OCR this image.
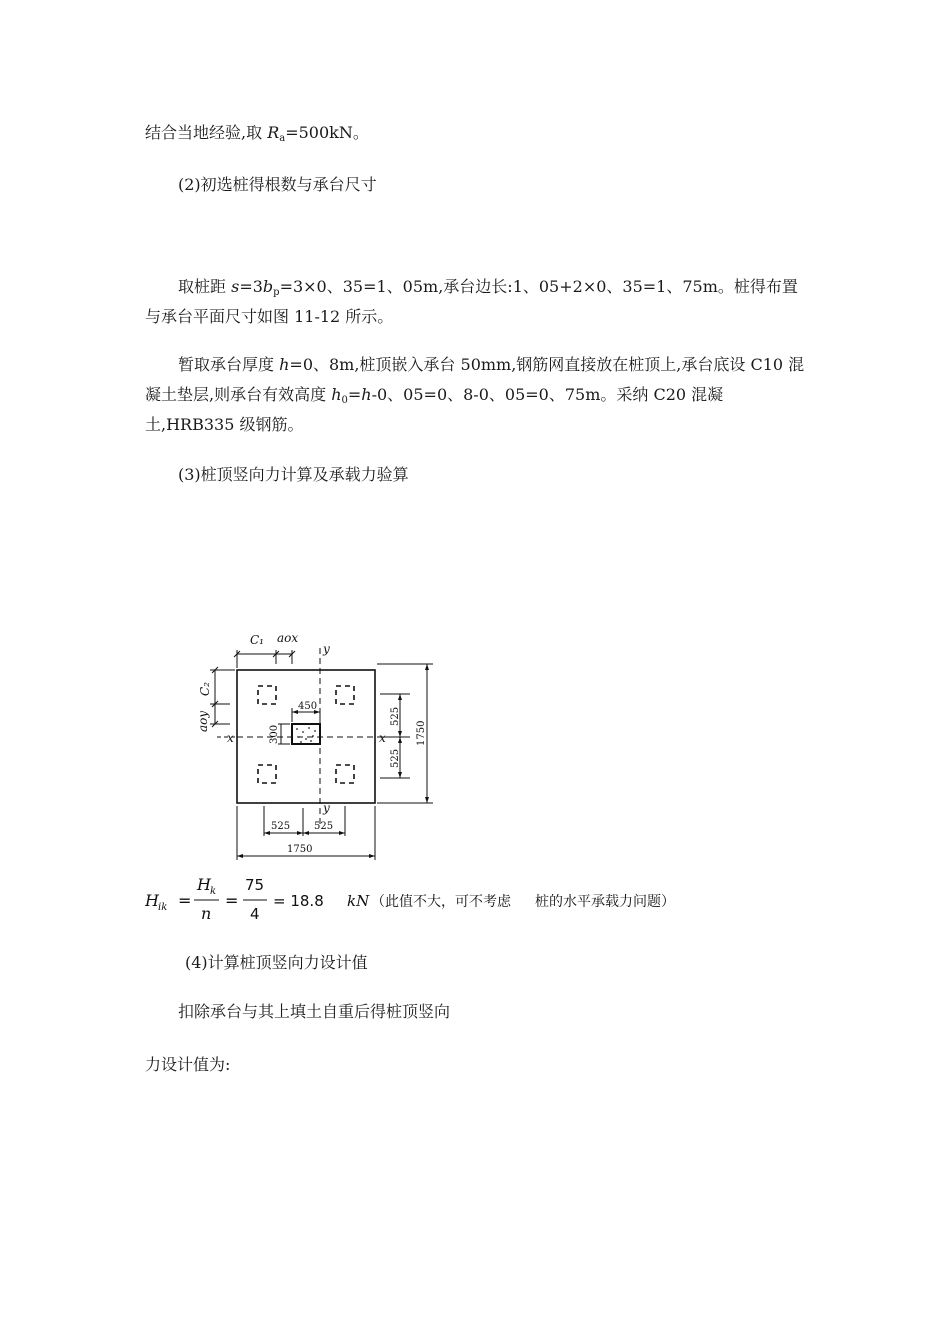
结合当地经验,取 $R_a=500kN$。

(2)初选桩得根数与承台尺寸

取桩距 $s=3b_p=3\times 0$、35=1、05m,承台边长:1、05+2×0、35=1、75m。桩得布置与承台平面尺寸如图 11-12 所示。

暂取承台厚度 h=0、8m,桩顶嵌入承台 50mm,钢筋网直接放在桩顶上,承台底设 C10 混凝土垫层,则承台有效高度 $h_0=h-0$、05=0、8-0、05=0、75m。采纳 C20 混凝土,HRB335 级钢筋。

(3)桩顶竖向力计算及承载力验算

C₁ aox
y
y
x	x
C₂
aoy
450
300
525
525
1750
525 525
1750
H ik =
H k
n
=
75
4
= 18.8 kN （此值不大，可不考虑 桩的水平承载力问题）

(4)计算桩顶竖向力设计值

扣除承台与其上填土自重后得桩顶竖向

力设计值为:
